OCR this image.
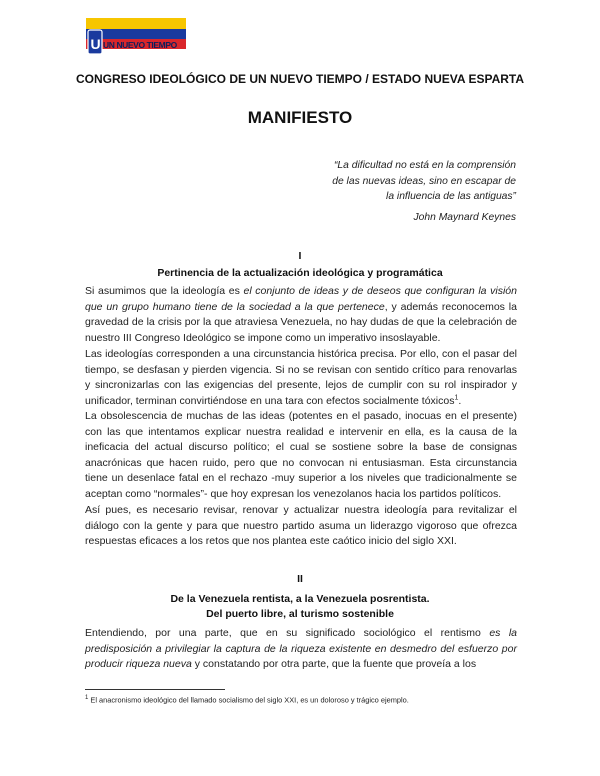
U UN NUEVO TIEMPO
CONGRESO IDEOLÓGICO DE UN NUEVO TIEMPO / ESTADO NUEVA ESPARTA
MANIFIESTO
“La dificultad no está en la comprensión de las nuevas ideas, sino en escapar de la influencia de las antiguas”
John Maynard Keynes
I
Pertinencia de la actualización ideológica y programática

Si asumimos que la ideología es el conjunto de ideas y de deseos que configuran la visión que un grupo humano tiene de la sociedad a la que pertenece, y además reconocemos la gravedad de la crisis por la que atraviesa Venezuela, no hay dudas de que la celebración de nuestro III Congreso Ideológico se impone como un imperativo insoslayable.

Las ideologías corresponden a una circunstancia histórica precisa. Por ello, con el pasar del tiempo, se desfasan y pierden vigencia. Si no se revisan con sentido crítico para renovarlas y sincronizarlas con las exigencias del presente, lejos de cumplir con su rol inspirador y unificador, terminan convirtiéndose en una tara con efectos socialmente tóxicos$^1$.

La obsolescencia de muchas de las ideas (potentes en el pasado, inocuas en el presente) con las que intentamos explicar nuestra realidad e intervenir en ella, es la causa de la ineficacia del actual discurso político; el cual se sostiene sobre la base de consignas anacrónicas que hacen ruido, pero que no convocan ni entusiasman. Esta circunstancia tiene un desenlace fatal en el rechazo -muy superior a los niveles que tradicionalmente se aceptan como “normales”- que hoy expresan los venezolanos hacia los partidos políticos.

Así pues, es necesario revisar, renovar y actualizar nuestra ideología para revitalizar el diálogo con la gente y para que nuestro partido asuma un liderazgo vigoroso que ofrezca respuestas eficaces a los retos que nos plantea este caótico inicio del siglo XXI.

II
De la Venezuela rentista, a la Venezuela posrentista.
Del puerto libre, al turismo sostenible

Entendiendo, por una parte, que en su significado sociológico el rentismo es la predisposición a privilegiar la captura de la riqueza existente en desmedro del esfuerzo por producir riqueza nueva y constatando por otra parte, que la fuente que proveía a los

$^1$ El anacronismo ideológico del llamado socialismo del siglo XXI, es un doloroso y trágico ejemplo.
